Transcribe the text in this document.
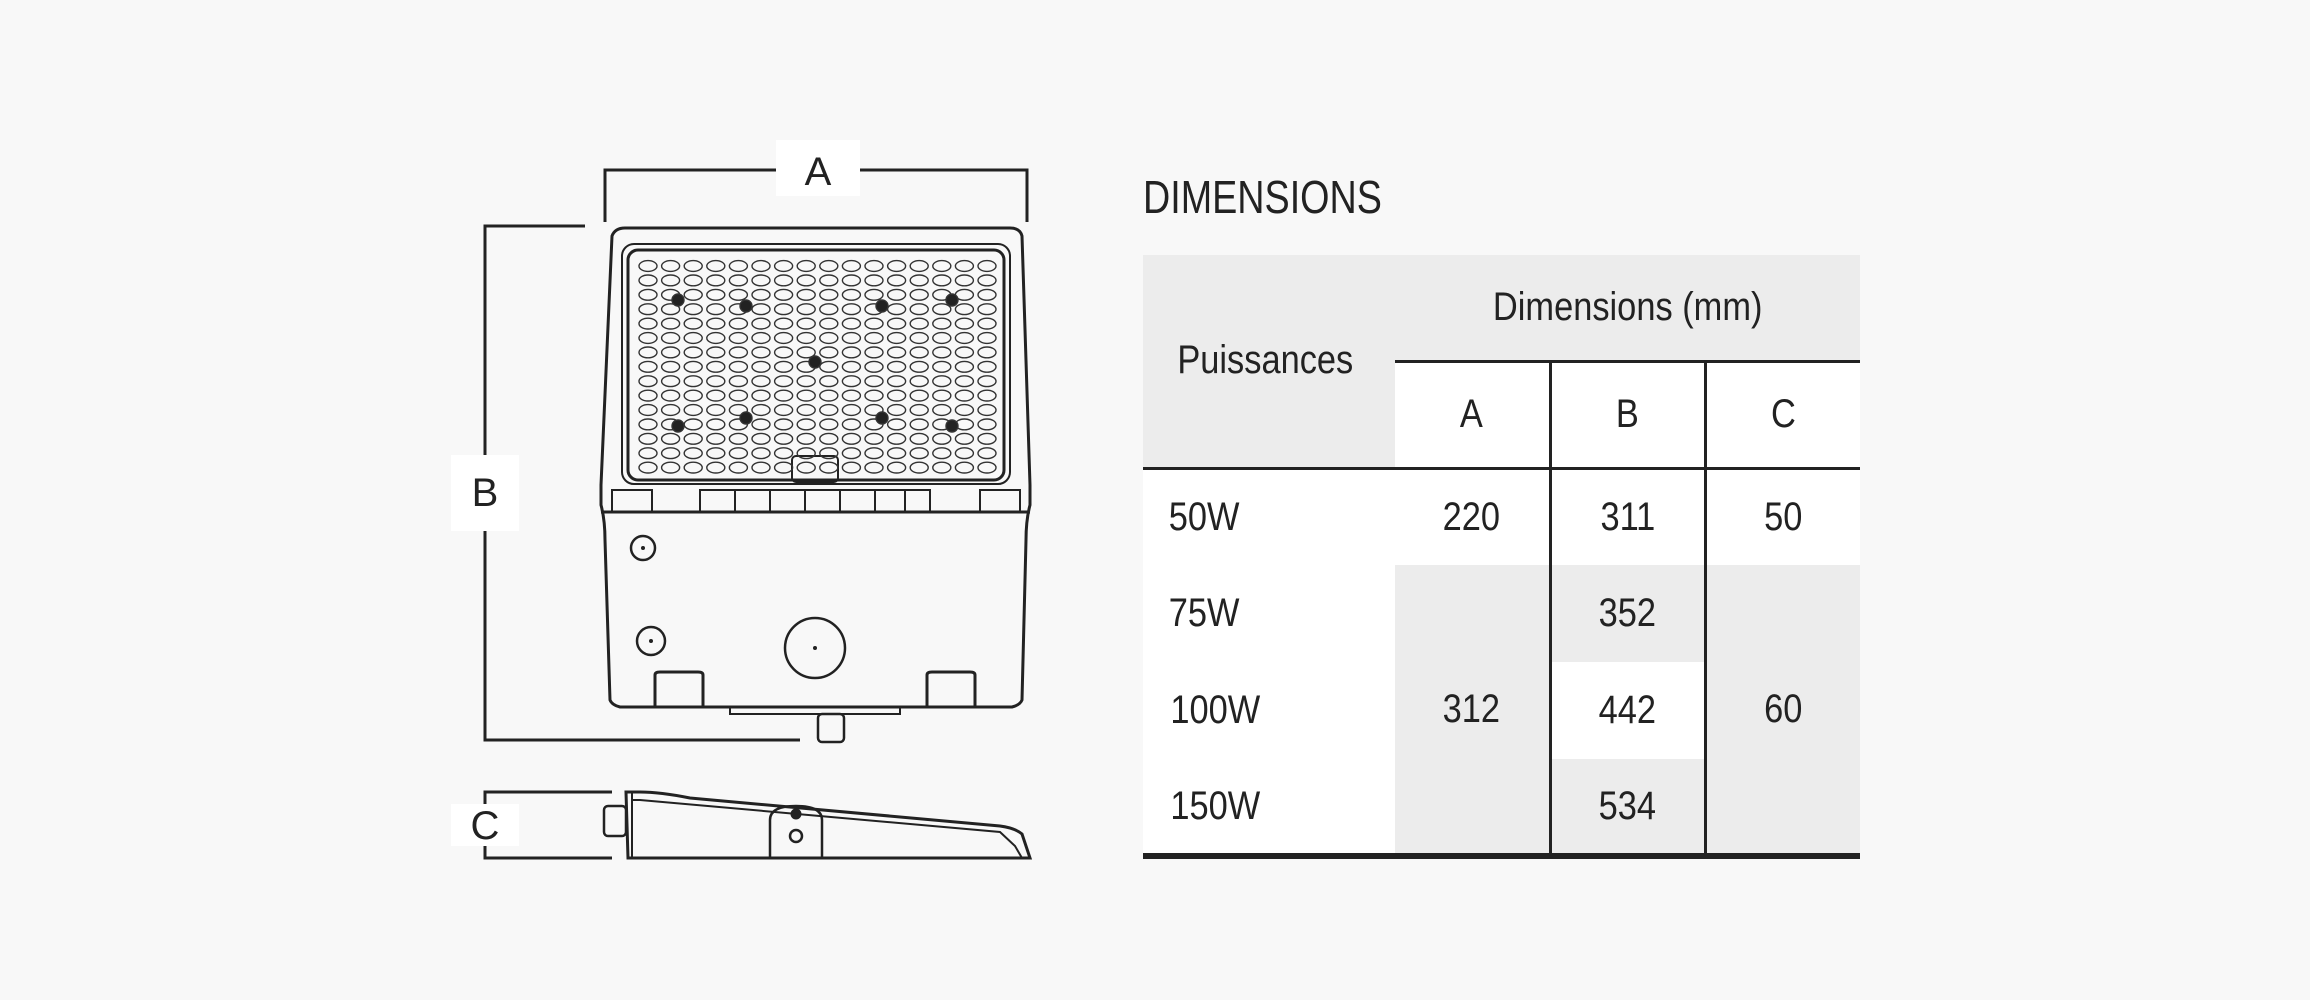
A
B
C
DIMENSIONS
Puissances	Dimensions (mm)		
	A	B	C
50W	220	311	50
75W	312	352	60
100W		442	
150W		534	
